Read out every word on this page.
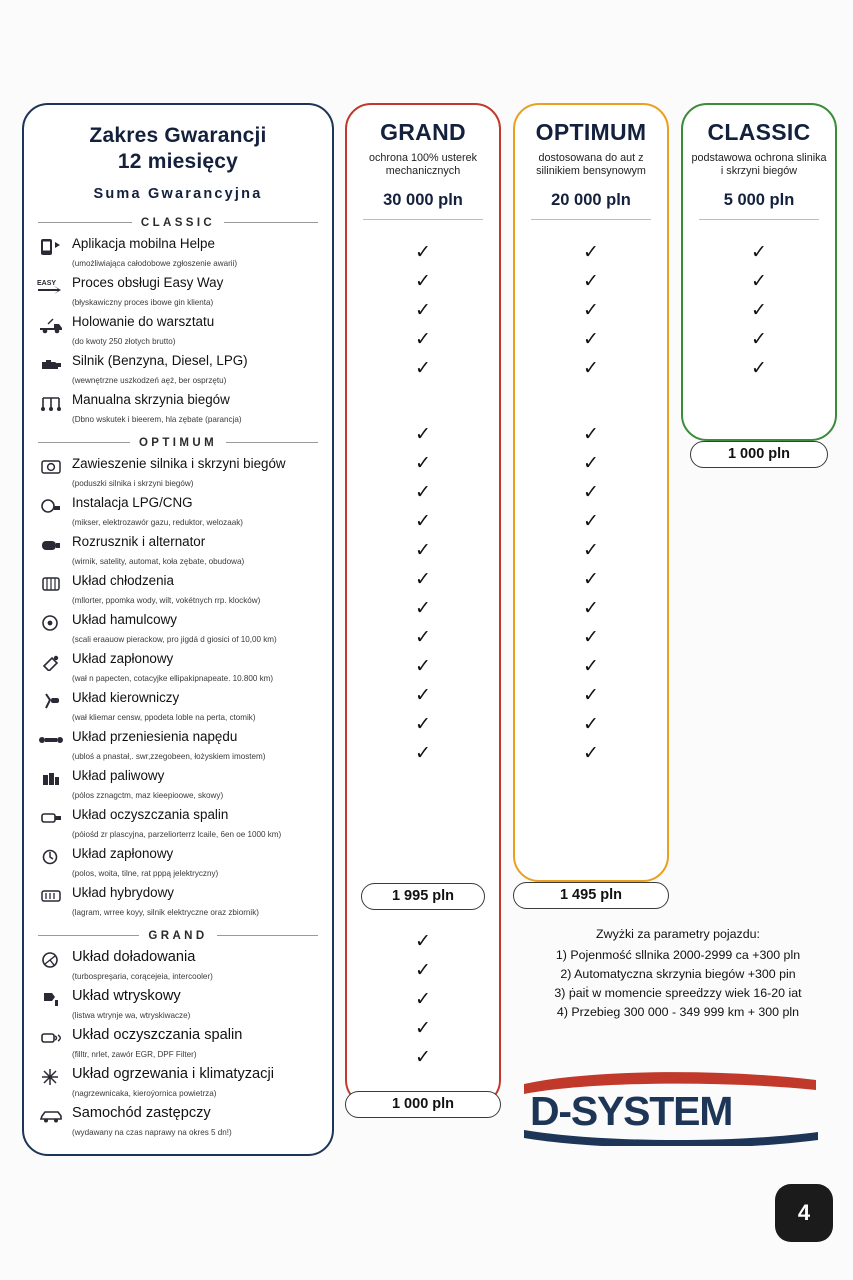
Zakres Gwarancji
12 miesięcy
Suma Gwarancyjna
CLASSIC
Aplikacja mobilna Helpe
(umożliwiająca całodobowe zgłoszenie awarii)
EASY Proces obsługi Easy Way
(błyskawiczny proces ibowe gin klienta)
Holowanie do warsztatu
(do kwoty 250 złotych brutto)
Silnik (Benzyna, Diesel, LPG)
(wewnętrzne uszkodzeń aęż, ber osprzętu)
Manualna skrzynia biegów
(Dbno wskutek i bieerem, hla zębate (parancja)
OPTIMUM
Zawieszenie silnika i skrzyni biegów
(poduszki silnika i skrzyni biegów)
Instalacja LPG/CNG
(mikser, elektrozawór gazu, reduktor, welozaak)
Rozrusznik i alternator
(wirnik, satelity, automat, koła zębate, obudowa)
Układ chłodzenia
(mllorter, ppomka wody, wilt, vokétnych rrp. klocków)
Układ hamulcowy
(scali eraauow pierackow, pro jigdá d giosici of 10,00 km)
Układ zapłonowy
(wał n papecten, cotacyjke ellipakipnapeate. 10.800 km)
Układ kierowniczy
(wał kliemar censw, ppodeta loble na perta, ctomik)
Układ przeniesienia napędu
(ubloś a pnastał,. swr,zzegobeen, łożyskiem imostem)
Układ paliwowy
(pólos zznagctm, maz kieepioowe, skowy)
Układ oczyszczania spalin
(póiośd zr plascyjna, parzeliorterrz lcaile, 6en oe 1000 km)
Układ zapłonowy
(polos, woita, tilne, rat pppą jelektryczny)
Układ hybrydowy
(lagram, wrree koyy, silnik elektryczne oraz zbiornik)
GRAND
Układ doładowania
(turbospreşaria, corącejeia, intercooler)
Układ wtryskowy
(listwa wtrynje wa, wtryskiwacze)
Układ oczyszczania spalin
(filltr, nrlet, zawór EGR, DPF Filter)
Układ ogrzewania i klimatyzacji
(nagrzewnicaka, kieroýornica powietrza)
Samochód zastępczy
(wydawany na czas naprawy na okres 5 dn!)
GRAND
ochrona 100% usterek mechanicznych
30 000 pln
✓
✓
✓
✓
✓
✓
✓
✓
✓
✓
✓
✓
✓
✓
✓
✓
✓
1 995 pln
✓
✓
✓
✓
✓
1 000 pln
OPTIMUM
dostosowana do aut z silinikiem bensynowym
20 000 pln
✓
✓
✓
✓
✓
✓
✓
✓
✓
✓
✓
✓
✓
✓
✓
✓
✓
1 495 pln
CLASSIC
podstawowa ochrona slinika i skrzyni biegów
5 000 pln
✓
✓
✓
✓
✓
1 000 pln
Zwyżki za parametry pojazdu:
1) Pojenmość sllnika 2000-2999 ca +300 pln
2) Automatyczna skrzynia biegów +300 pin
3) ṗaiṫ w momencie spreeḋzzy wiek 16-20 iat
4) Przebieg 300 000 - 349 999 km + 300 pln
D-SYSTEM
4
